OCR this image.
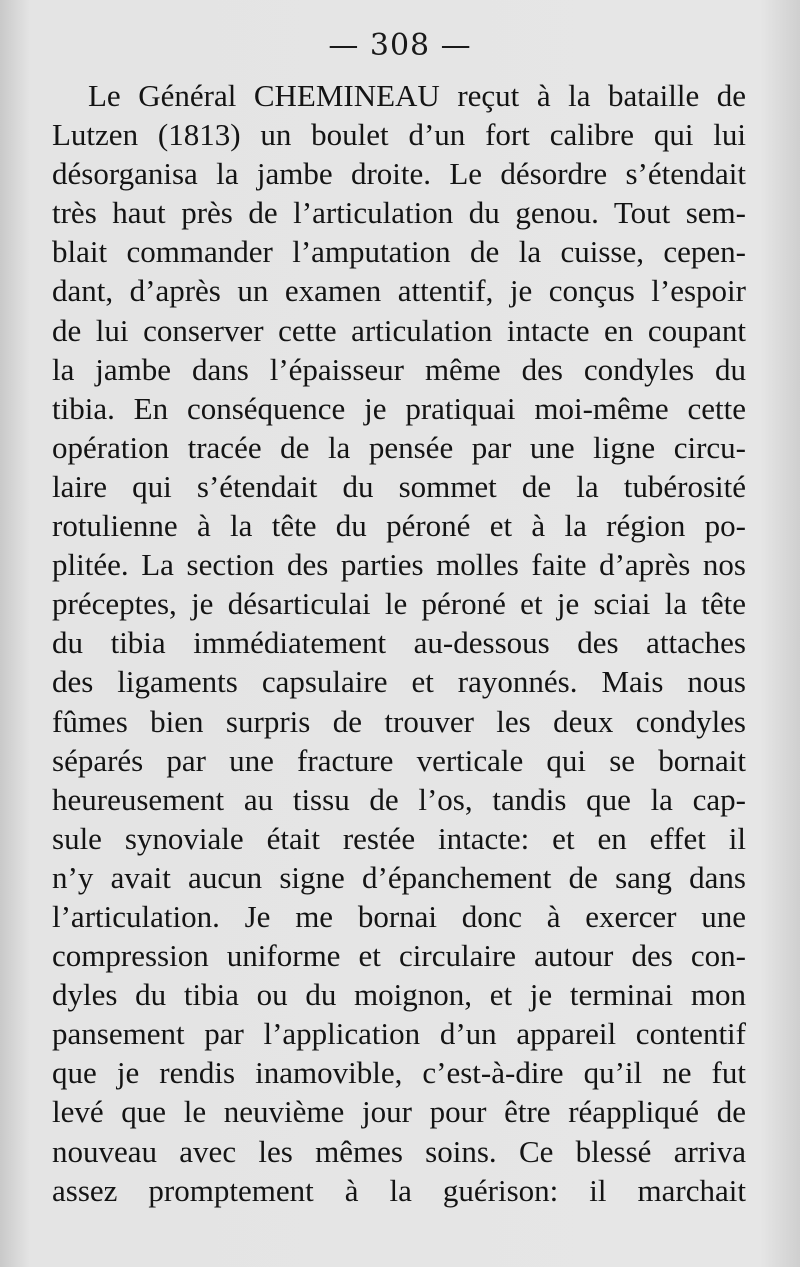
— 308 —
Le Général CHEMINEAU reçut à la bataille de
Lutzen (1813) un boulet d’un fort calibre qui lui
désorganisa la jambe droite. Le désordre s’étendait
très haut près de l’articulation du genou. Tout sem-
blait commander l’amputation de la cuisse, cepen-
dant, d’après un examen attentif, je conçus l’espoir
de lui conserver cette articulation intacte en coupant
la jambe dans l’épaisseur même des condyles du
tibia. En conséquence je pratiquai moi-même cette
opération tracée de la pensée par une ligne circu-
laire qui s’étendait du sommet de la tubérosité
rotulienne à la tête du péroné et à la région po-
plitée. La section des parties molles faite d’après nos
préceptes, je désarticulai le péroné et je sciai la tête
du tibia immédiatement au-dessous des attaches
des ligaments capsulaire et rayonnés. Mais nous
fûmes bien surpris de trouver les deux condyles
séparés par une fracture verticale qui se bornait
heureusement au tissu de l’os, tandis que la cap-
sule synoviale était restée intacte: et en effet il
n’y avait aucun signe d’épanchement de sang dans
l’articulation. Je me bornai donc à exercer une
compression uniforme et circulaire autour des con-
dyles du tibia ou du moignon, et je terminai mon
pansement par l’application d’un appareil contentif
que je rendis inamovible, c’est-à-dire qu’il ne fut
levé que le neuvième jour pour être réappliqué de
nouveau avec les mêmes soins. Ce blessé arriva
assez promptement à la guérison: il marchait
